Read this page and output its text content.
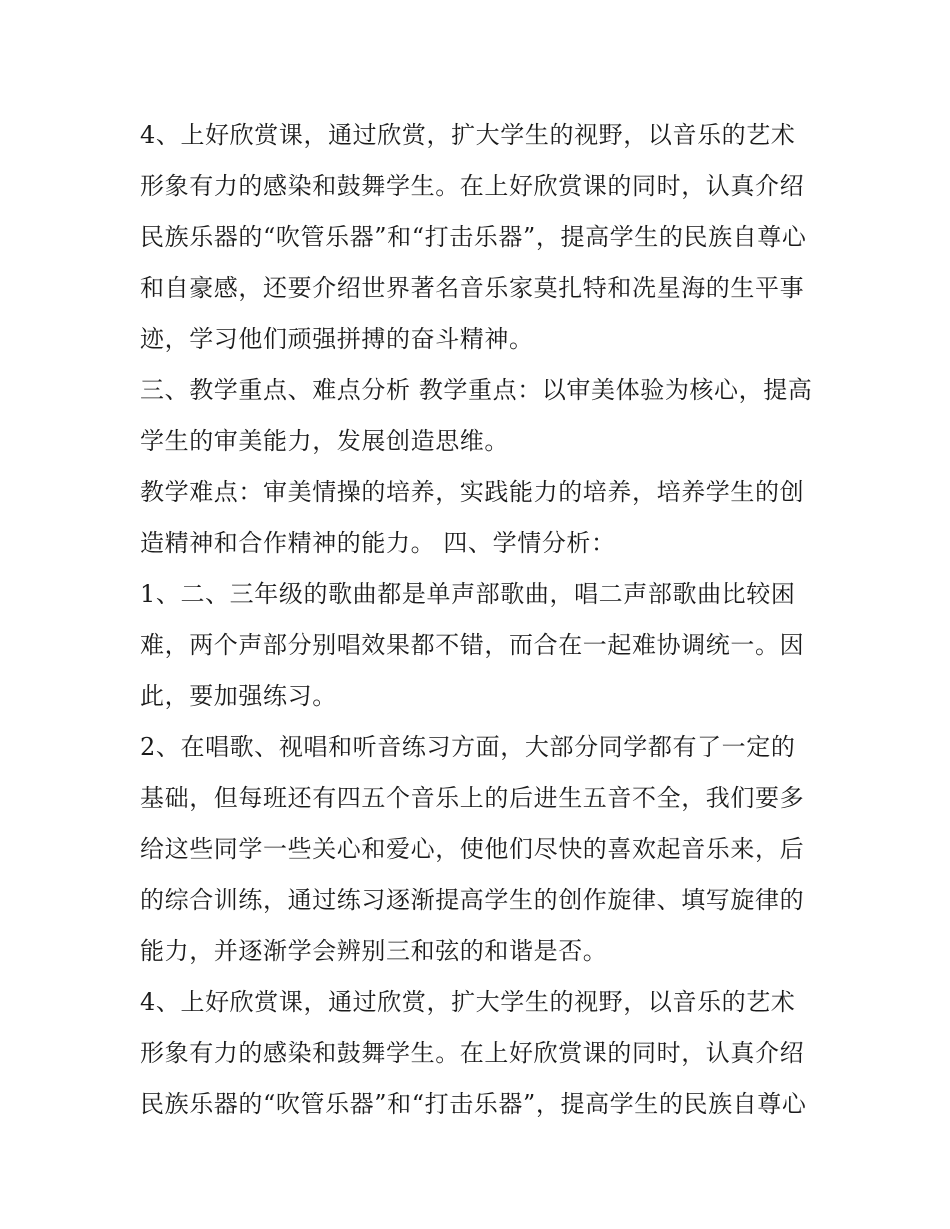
4、上好欣赏课，通过欣赏，扩大学生的视野，以音乐的艺术形象有力的感染和鼓舞学生。在上好欣赏课的同时，认真介绍民族乐器的“吹管乐器”和“打击乐器”，提高学生的民族自尊心和自豪感，还要介绍世界著名音乐家莫扎特和冼星海的生平事迹，学习他们顽强拼搏的奋斗精神。

三、教学重点、难点分析 教学重点：以审美体验为核心，提高学生的审美能力，发展创造思维。

教学难点：审美情操的培养，实践能力的培养，培养学生的创造精神和合作精神的能力。 四、学情分析：

1、二、三年级的歌曲都是单声部歌曲，唱二声部歌曲比较困难，两个声部分别唱效果都不错，而合在一起难协调统一。因此，要加强练习。

2、在唱歌、视唱和听音练习方面，大部分同学都有了一定的基础，但每班还有四五个音乐上的后进生五音不全，我们要多给这些同学一些关心和爱心，使他们尽快的喜欢起音乐来，后的综合训练，通过练习逐渐提高学生的创作旋律、填写旋律的能力，并逐渐学会辨别三和弦的和谐是否。

4、上好欣赏课，通过欣赏，扩大学生的视野，以音乐的艺术形象有力的感染和鼓舞学生。在上好欣赏课的同时，认真介绍民族乐器的“吹管乐器”和“打击乐器”，提高学生的民族自尊心
